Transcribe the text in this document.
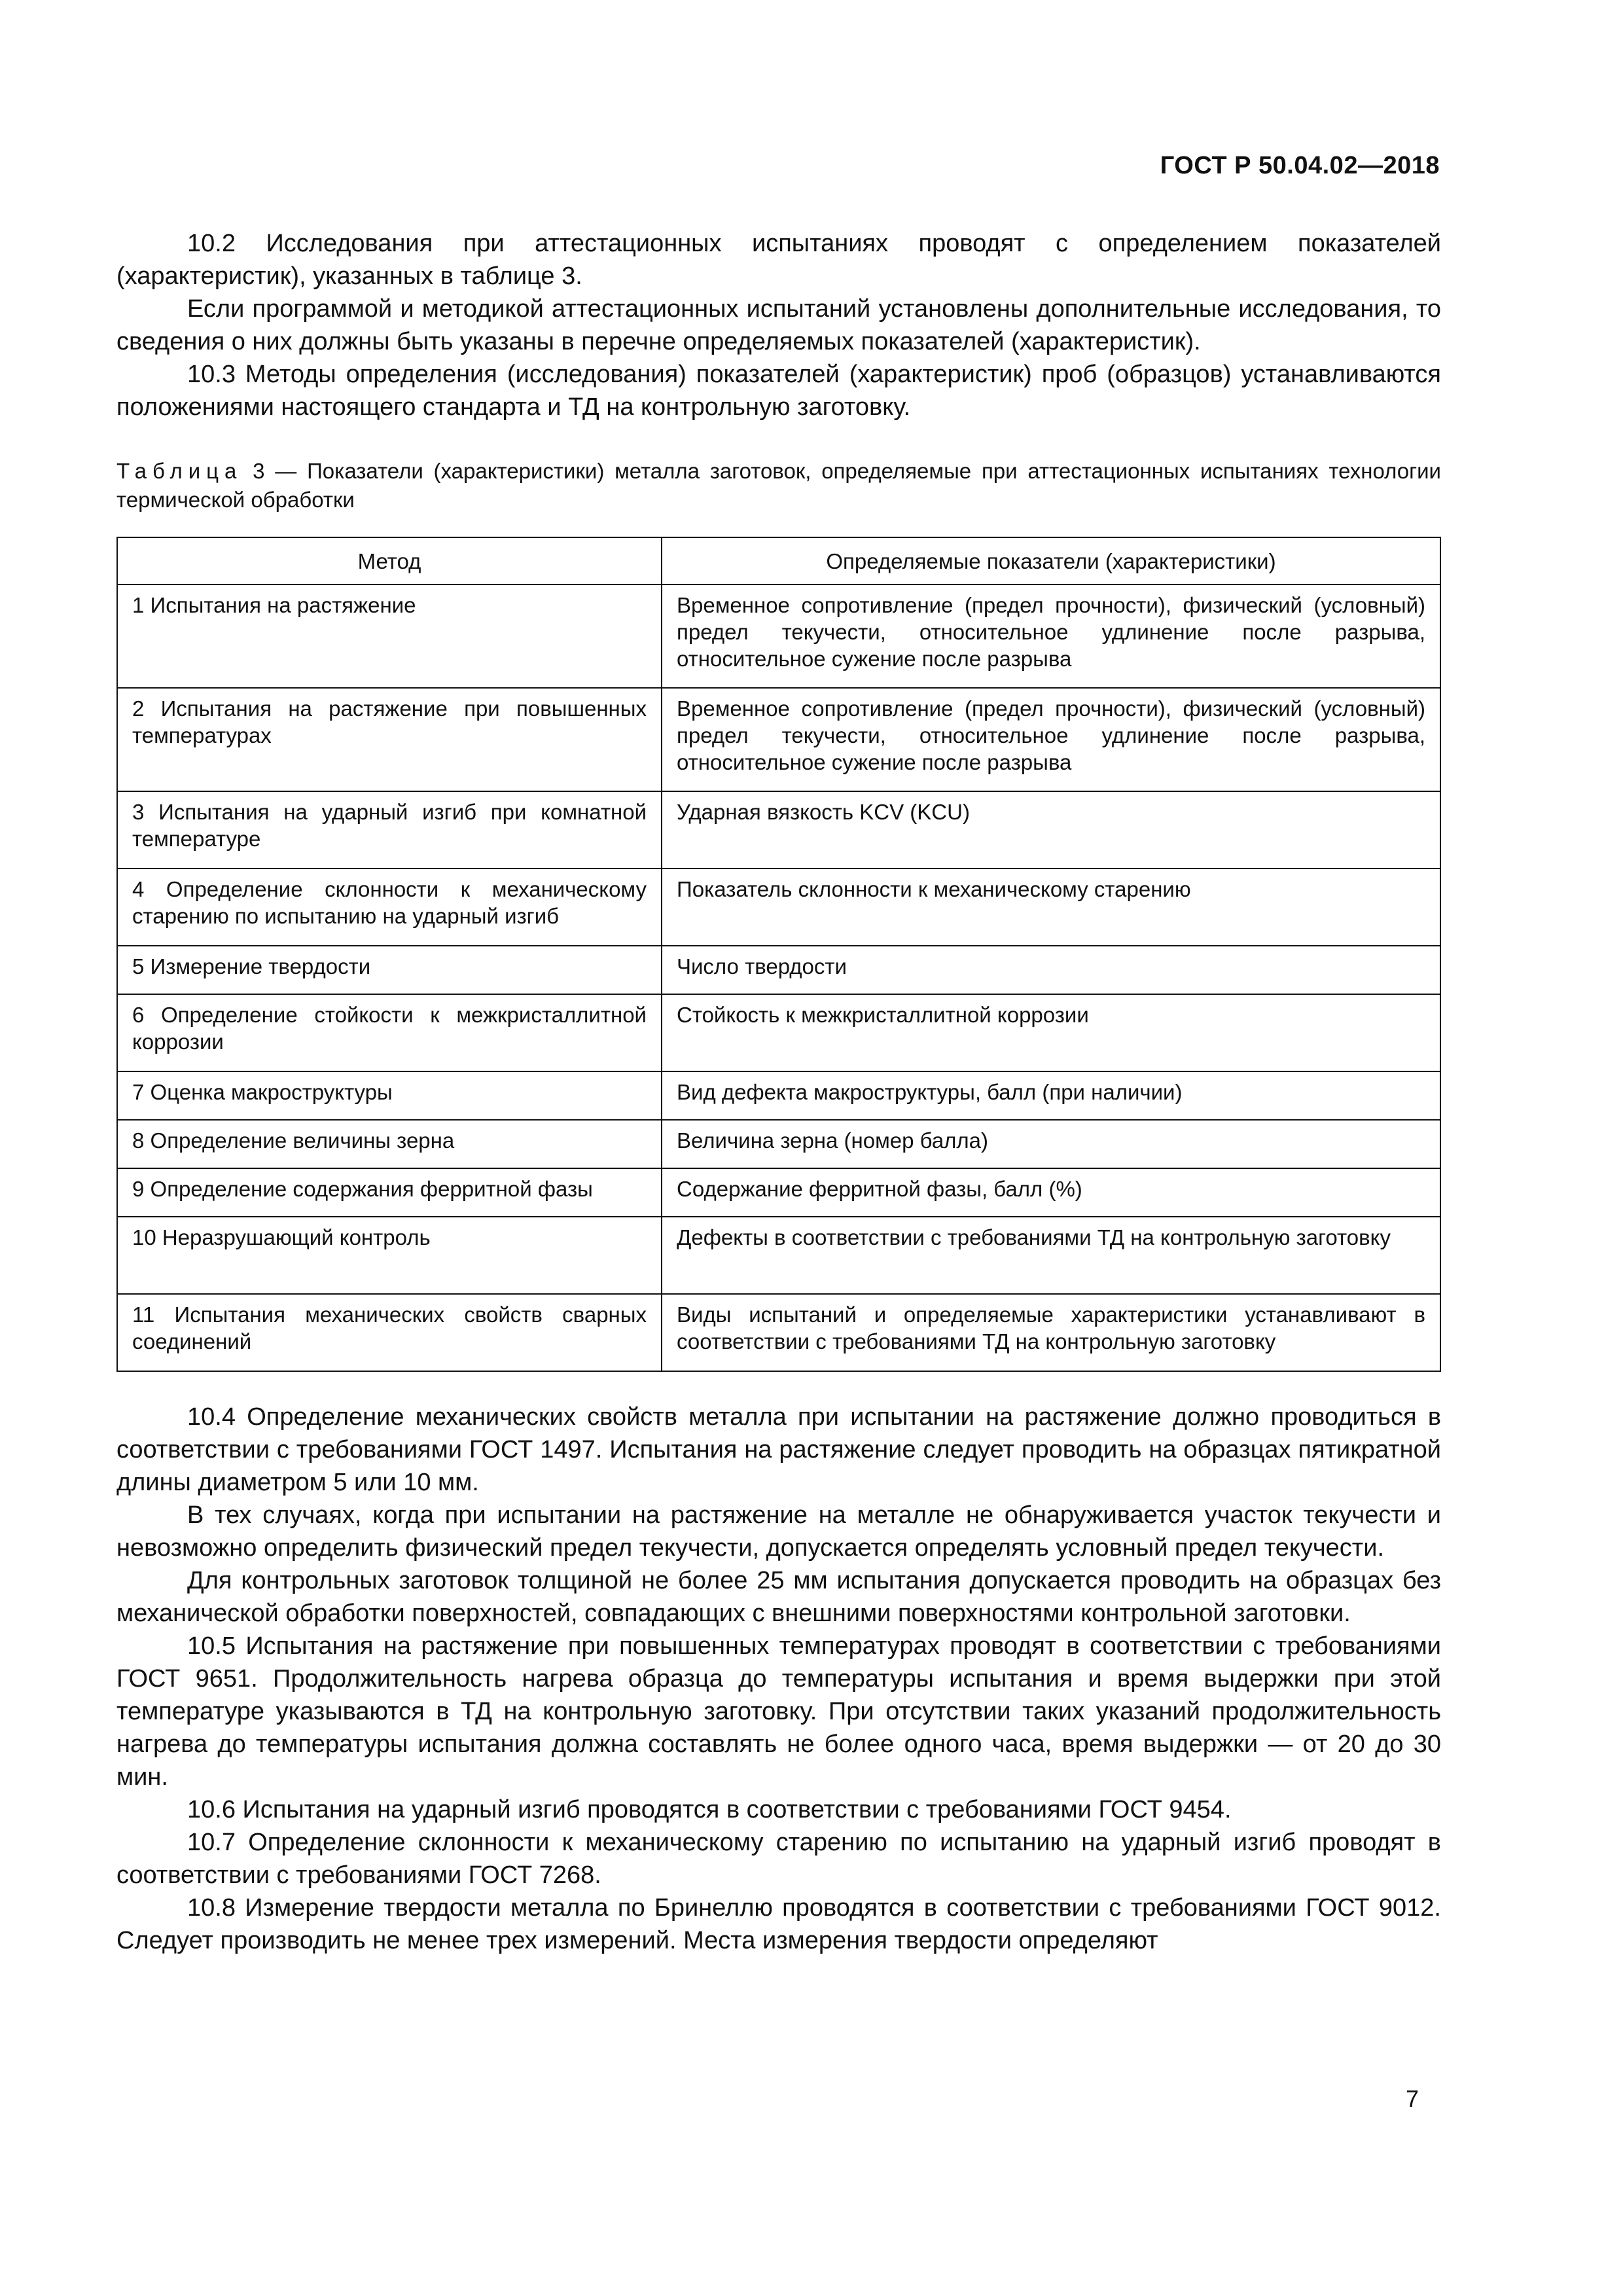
ГОСТ Р 50.04.02—2018

10.2 Исследования при аттестационных испытаниях проводят с определением показателей (характеристик), указанных в таблице 3.

Если программой и методикой аттестационных испытаний установлены дополнительные исследования, то сведения о них должны быть указаны в перечне определяемых показателей (характеристик).

10.3 Методы определения (исследования) показателей (характеристик) проб (образцов) устанавливаются положениями настоящего стандарта и ТД на контрольную заготовку.

Таблица 3 — Показатели (характеристики) металла заготовок, определяемые при аттестационных испытаниях технологии термической обработки
Метод	Определяемые показатели (характеристики)
1 Испытания на растяжение	Временное сопротивление (предел прочности), физический (условный) предел текучести, относительное удлинение после разрыва, относительное сужение после разрыва
2 Испытания на растяжение при повышенных температурах	Временное сопротивление (предел прочности), физический (условный) предел текучести, относительное удлинение после разрыва, относительное сужение после разрыва
3 Испытания на ударный изгиб при комнатной температуре	Ударная вязкость KCV (KCU)
4 Определение склонности к механическому старению по испытанию на ударный изгиб	Показатель склонности к механическому старению
5 Измерение твердости	Число твердости
6 Определение стойкости к межкристаллитной коррозии	Стойкость к межкристаллитной коррозии
7 Оценка макроструктуры	Вид дефекта макроструктуры, балл (при наличии)
8 Определение величины зерна	Величина зерна (номер балла)
9 Определение содержания ферритной фазы	Содержание ферритной фазы, балл (%)
10 Неразрушающий контроль	Дефекты в соответствии с требованиями ТД на контрольную заготовку
11 Испытания механических свойств сварных соединений	Виды испытаний и определяемые характеристики устанавливают в соответствии с требованиями ТД на контрольную заготовку

10.4 Определение механических свойств металла при испытании на растяжение должно проводиться в соответствии с требованиями ГОСТ 1497. Испытания на растяжение следует проводить на образцах пятикратной длины диаметром 5 или 10 мм.

В тех случаях, когда при испытании на растяжение на металле не обнаруживается участок текучести и невозможно определить физический предел текучести, допускается определять условный предел текучести.

Для контрольных заготовок толщиной не более 25 мм испытания допускается проводить на образцах без механической обработки поверхностей, совпадающих с внешними поверхностями контрольной заготовки.

10.5 Испытания на растяжение при повышенных температурах проводят в соответствии с требованиями ГОСТ 9651. Продолжительность нагрева образца до температуры испытания и время выдержки при этой температуре указываются в ТД на контрольную заготовку. При отсутствии таких указаний продолжительность нагрева до температуры испытания должна составлять не более одного часа, время выдержки — от 20 до 30 мин.

10.6 Испытания на ударный изгиб проводятся в соответствии с требованиями ГОСТ 9454.

10.7 Определение склонности к механическому старению по испытанию на ударный изгиб проводят в соответствии с требованиями ГОСТ 7268.

10.8 Измерение твердости металла по Бринеллю проводятся в соответствии с требованиями ГОСТ 9012. Следует производить не менее трех измерений. Места измерения твердости определяют

7
